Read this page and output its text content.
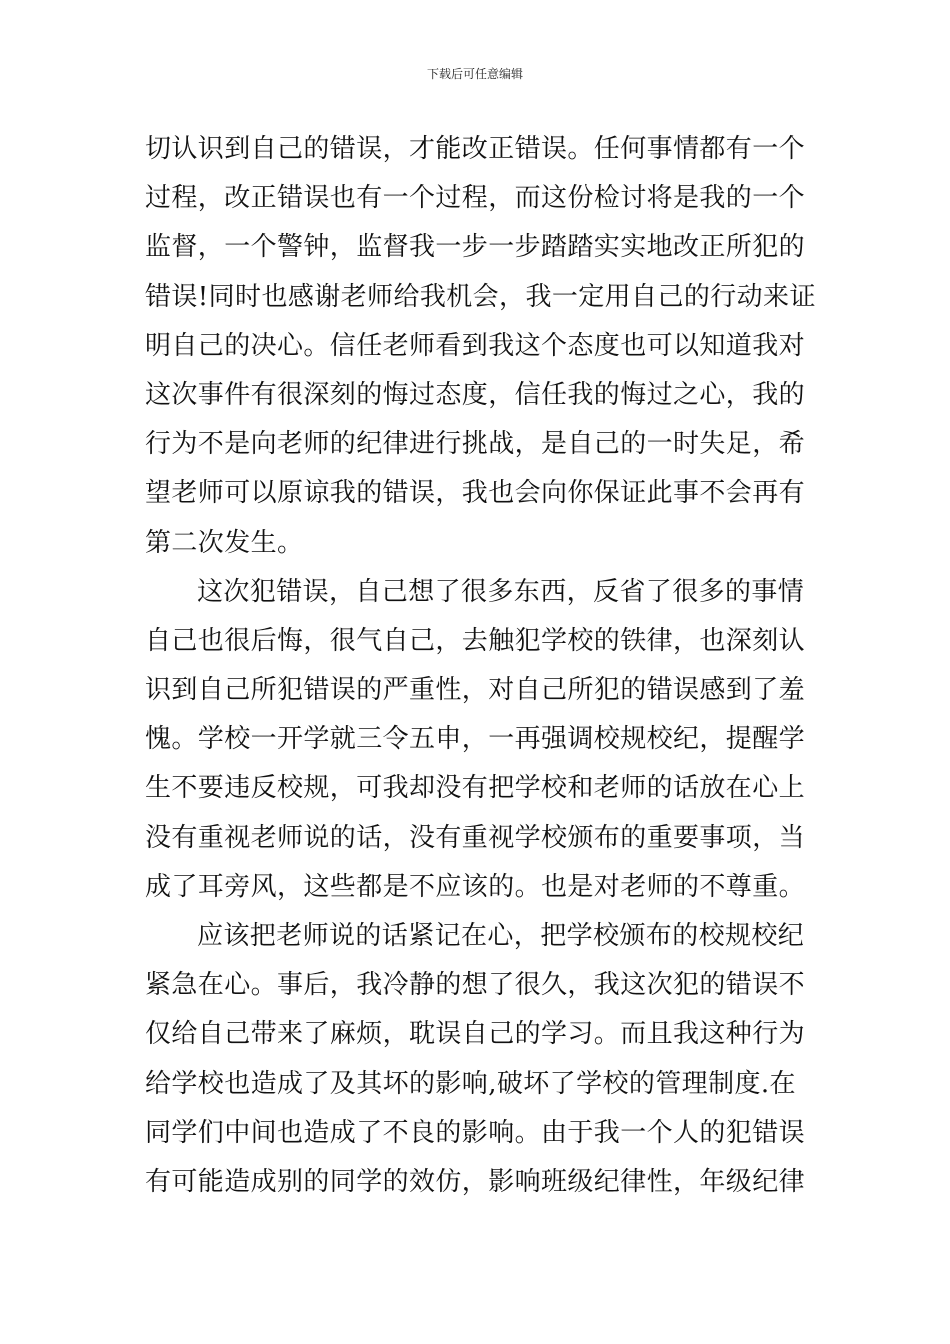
下载后可任意编辑
切认识到自己的错误，才能改正错误。任何事情都有一个
过程，改正错误也有一个过程，而这份检讨将是我的一个
监督，一个警钟，监督我一步一步踏踏实实地改正所犯的
错误!同时也感谢老师给我机会，我一定用自己的行动来证
明自己的决心。信任老师看到我这个态度也可以知道我对
这次事件有很深刻的悔过态度，信任我的悔过之心，我的
行为不是向老师的纪律进行挑战，是自己的一时失足，希
望老师可以原谅我的错误，我也会向你保证此事不会再有
第二次发生。
这次犯错误，自己想了很多东西，反省了很多的事情
自己也很后悔，很气自己，去触犯学校的铁律，也深刻认
识到自己所犯错误的严重性，对自己所犯的错误感到了羞
愧。学校一开学就三令五申，一再强调校规校纪，提醒学
生不要违反校规，可我却没有把学校和老师的话放在心上
没有重视老师说的话，没有重视学校颁布的重要事项，当
成了耳旁风，这些都是不应该的。也是对老师的不尊重。
应该把老师说的话紧记在心，把学校颁布的校规校纪
紧急在心。事后，我冷静的想了很久，我这次犯的错误不
仅给自己带来了麻烦，耽误自己的学习。而且我这种行为
给学校也造成了及其坏的影响,破坏了学校的管理制度.在
同学们中间也造成了不良的影响。由于我一个人的犯错误
有可能造成别的同学的效仿，影响班级纪律性，年级纪律
